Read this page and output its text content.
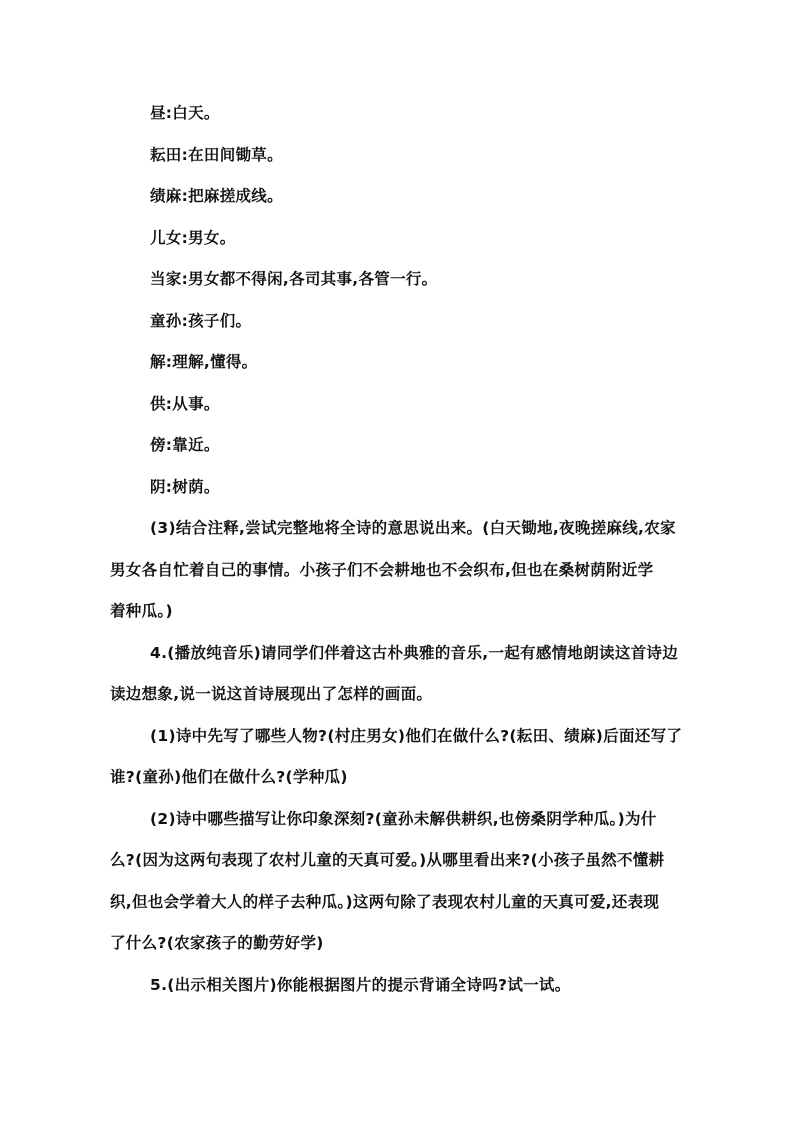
昼:白天。
耘田:在田间锄草。
绩麻:把麻搓成线。
儿女:男女。
当家:男女都不得闲,各司其事,各管一行。
童孙:孩子们。
解:理解,懂得。
供:从事。
傍:靠近。
阴:树荫。
(3)结合注释,尝试完整地将全诗的意思说出来。(白天锄地,夜晚搓麻线,农家
男女各自忙着自己的事情。小孩子们不会耕地也不会织布,但也在桑树荫附近学
着种瓜。)
4.(播放纯音乐)请同学们伴着这古朴典雅的音乐,一起有感情地朗读这首诗边
读边想象,说一说这首诗展现出了怎样的画面。
(1)诗中先写了哪些人物?(村庄男女)他们在做什么?(耘田、绩麻)后面还写了
谁?(童孙)他们在做什么?(学种瓜)
(2)诗中哪些描写让你印象深刻?(童孙未解供耕织,也傍桑阴学种瓜。)为什
么?(因为这两句表现了农村儿童的天真可爱。)从哪里看出来?(小孩子虽然不懂耕
织,但也会学着大人的样子去种瓜。)这两句除了表现农村儿童的天真可爱,还表现
了什么?(农家孩子的勤劳好学)
5.(出示相关图片)你能根据图片的提示背诵全诗吗?试一试。
